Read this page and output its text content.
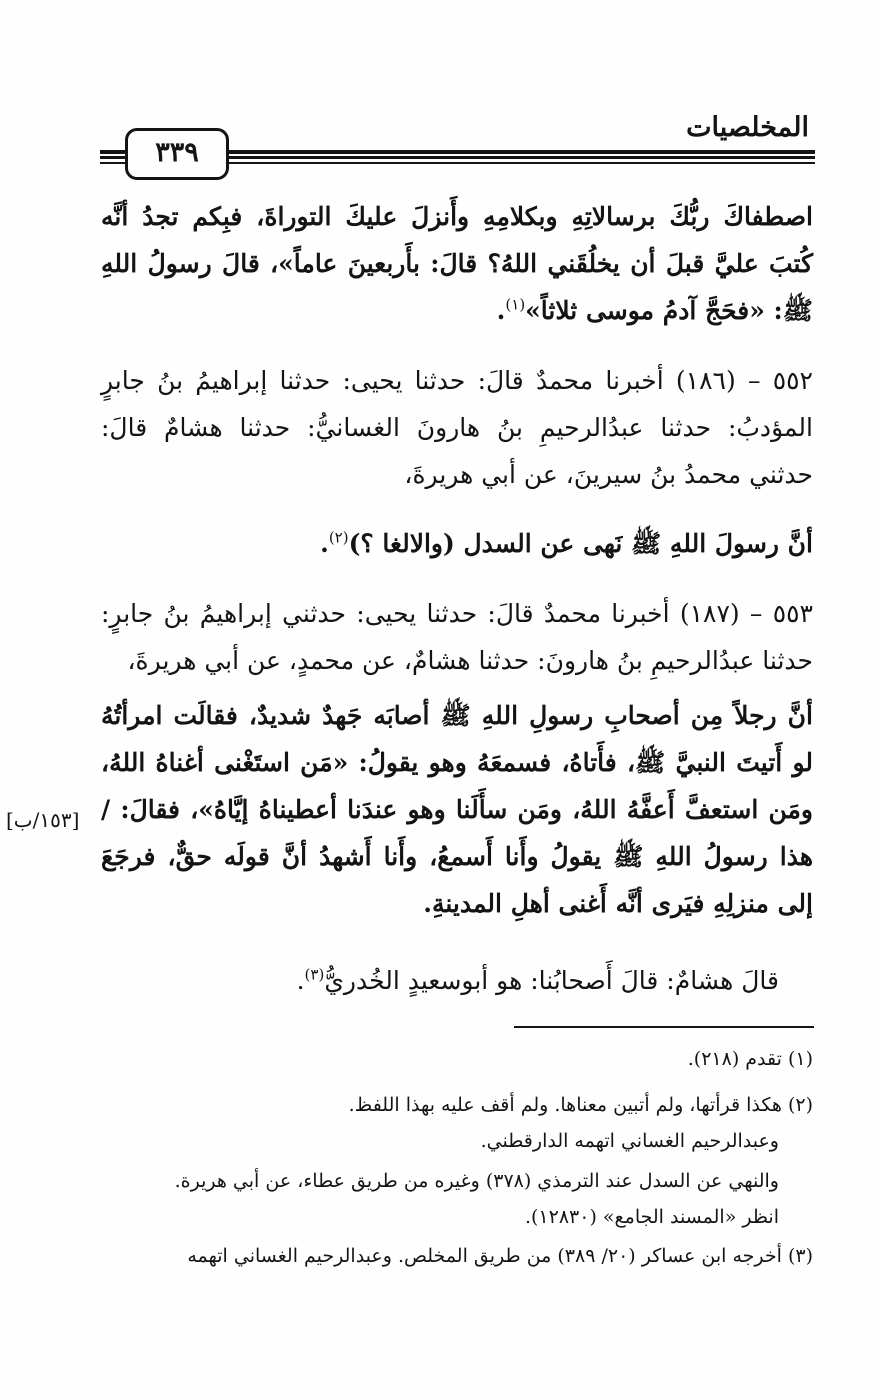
المخلصيات
٣٣٩
اصطفاكَ ربُّكَ برسالاتِهِ وبكلامِهِ وأَنزلَ عليكَ التوراةَ، فبِكم تجدُ أنَّه كُتبَ عليَّ قبلَ أن يخلُقَني اللهُ؟ قالَ: بأَربعينَ عاماً»، قالَ رسولُ اللهِ ﷺ: «فحَجَّ آدمُ موسى ثلاثاً»$^{(١)}$.
٥٥٢ – (١٨٦) أخبرنا محمدٌ قالَ: حدثنا يحيى: حدثنا إبراهيمُ بنُ جابرٍ المؤدبُ: حدثنا عبدُالرحيمِ بنُ هارونَ الغسانيُّ: حدثنا هشامٌ قالَ: حدثني محمدُ بنُ سيرينَ، عن أبي هريرةَ،
أنَّ رسولَ اللهِ ﷺ نَهى عن السدل (والالغا ؟)$^{(٢)}$.
٥٥٣ – (١٨٧) أخبرنا محمدٌ قالَ: حدثنا يحيى: حدثني إبراهيمُ بنُ جابرٍ: حدثنا عبدُالرحيمِ بنُ هارونَ: حدثنا هشامٌ، عن محمدٍ، عن أبي هريرةَ،
أنَّ رجلاً مِن أصحابِ رسولِ اللهِ ﷺ أصابَه جَهدٌ شديدٌ، فقالَت امرأتُهُ لو أَتيتَ النبيَّ ﷺ، فأَتاهُ، فسمعَهُ وهو يقولُ: «مَن استَغْنى أغناهُ اللهُ، ومَن استعفَّ أَعفَّهُ اللهُ، ومَن سأَلَنا وهو عندَنا أعطيناهُ إيَّاهُ»، فقالَ: / هذا رسولُ اللهِ ﷺ يقولُ وأَنا أَسمعُ، وأَنا أَشهدُ أنَّ قولَه حقٌّ، فرجَعَ إلى منزلِهِ فيَرى أنَّه أَغنى أهلِ المدينةِ.
[١٥٣/ب]
قالَ هشامٌ: قالَ أَصحابُنا: هو أبوسعيدٍ الخُدريُّ$^{(٣)}$.
(١) تقدم (٢١٨).
(٢) هكذا قرأتها، ولم أتبين معناها. ولم أقف عليه بهذا اللفظ.
وعبدالرحيم الغساني اتهمه الدارقطني.
والنهي عن السدل عند الترمذي (٣٧٨) وغيره من طريق عطاء، عن أبي هريرة.
انظر «المسند الجامع» (١٢٨٣٠).
(٣) أخرجه ابن عساكر (٢٠/ ٣٨٩) من طريق المخلص. وعبدالرحيم الغساني اتهمه
